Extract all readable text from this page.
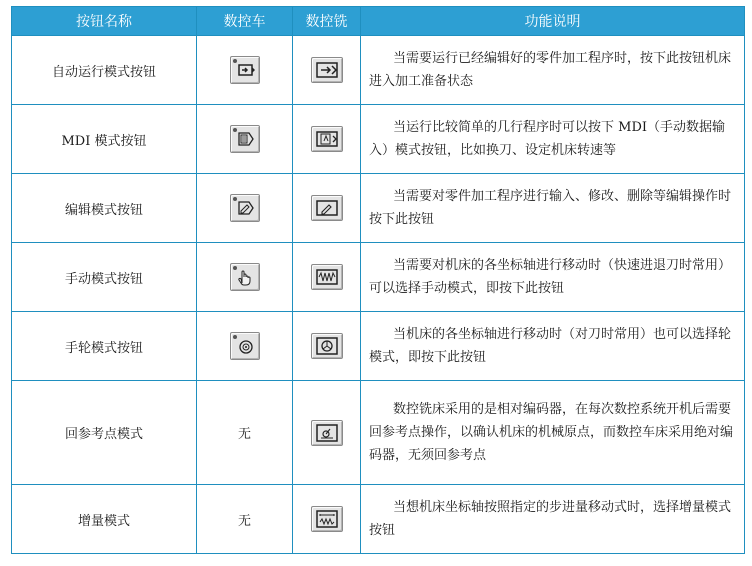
按钮名称	数控车	数控铣	功能说明
自动运行模式按钮			当需要运行已经编辑好的零件加工程序时，按下此按钮机床进入加工准备状态
MDI 模式按钮			当运行比较简单的几行程序时可以按下 MDI（手动数据输入）模式按钮，比如换刀、设定机床转速等
编辑模式按钮			当需要对零件加工程序进行输入、修改、删除等编辑操作时按下此按钮
手动模式按钮			当需要对机床的各坐标轴进行移动时（快速进退刀时常用）可以选择手动模式，即按下此按钮
手轮模式按钮			当机床的各坐标轴进行移动时（对刀时常用）也可以选择轮模式，即按下此按钮
回参考点模式	无		数控铣床采用的是相对编码器，在每次数控系统开机后需要回参考点操作，以确认机床的机械原点，而数控车床采用绝对编码器，无须回参考点
增量模式	无		当想机床坐标轴按照指定的步进量移动式时，选择增量模式按钮
